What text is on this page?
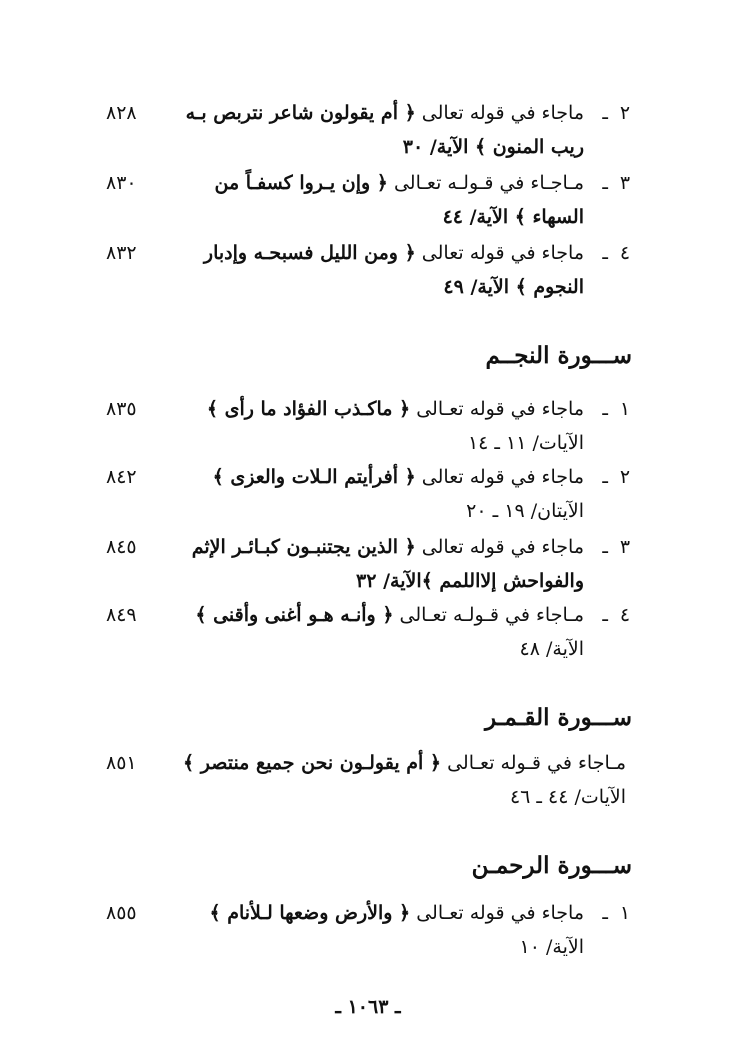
٢
ـ
ماجاء في قوله تعالى ﴿ أم يقولون شاعر نتربص بـه
٨٢٨
ريب المنون ﴾ الآية/ ٣٠
٣
ـ
مـاجـاء في قـولـه تعـالى ﴿ وإن يـروا كسفـاً من
٨٣٠
السهاء ﴾ الآية/ ٤٤
٤
ـ
ماجاء في قوله تعالى ﴿ ومن الليل فسبحـه وإدبار
٨٣٢
النجوم ﴾ الآية/ ٤٩
ســـورة النجــم
١
ـ
ماجاء في قوله تعـالى ﴿ ماكـذب الفؤاد ما رأى ﴾
٨٣٥
الآيات/ ١١ ـ ١٤
٢
ـ
ماجاء في قوله تعالى ﴿ أفرأيتم الـلات والعزى ﴾
٨٤٢
الآيتان/ ١٩ ـ ٢٠
٣
ـ
ماجاء في قوله تعالى ﴿ الذين يجتنبـون كبـائـر الإثم
٨٤٥
والفواحش إلااللمم ﴾الآية/ ٣٢
٤
ـ
مـاجاء في قـولـه تعـالى ﴿ وأنـه هـو أغنى وأقنى ﴾
٨٤٩
الآية/ ٤٨
ســـورة القـمـر
مـاجاء في قـوله تعـالى ﴿ أم يقولـون نحن جميع منتصر ﴾
٨٥١
الآيات/ ٤٤ ـ ٤٦
ســـورة الرحمـن
١
ـ
ماجاء في قوله تعـالى ﴿ والأرض وضعها لـلأنام ﴾
٨٥٥
الآية/ ١٠
ـ ١٠٦٣ ـ
